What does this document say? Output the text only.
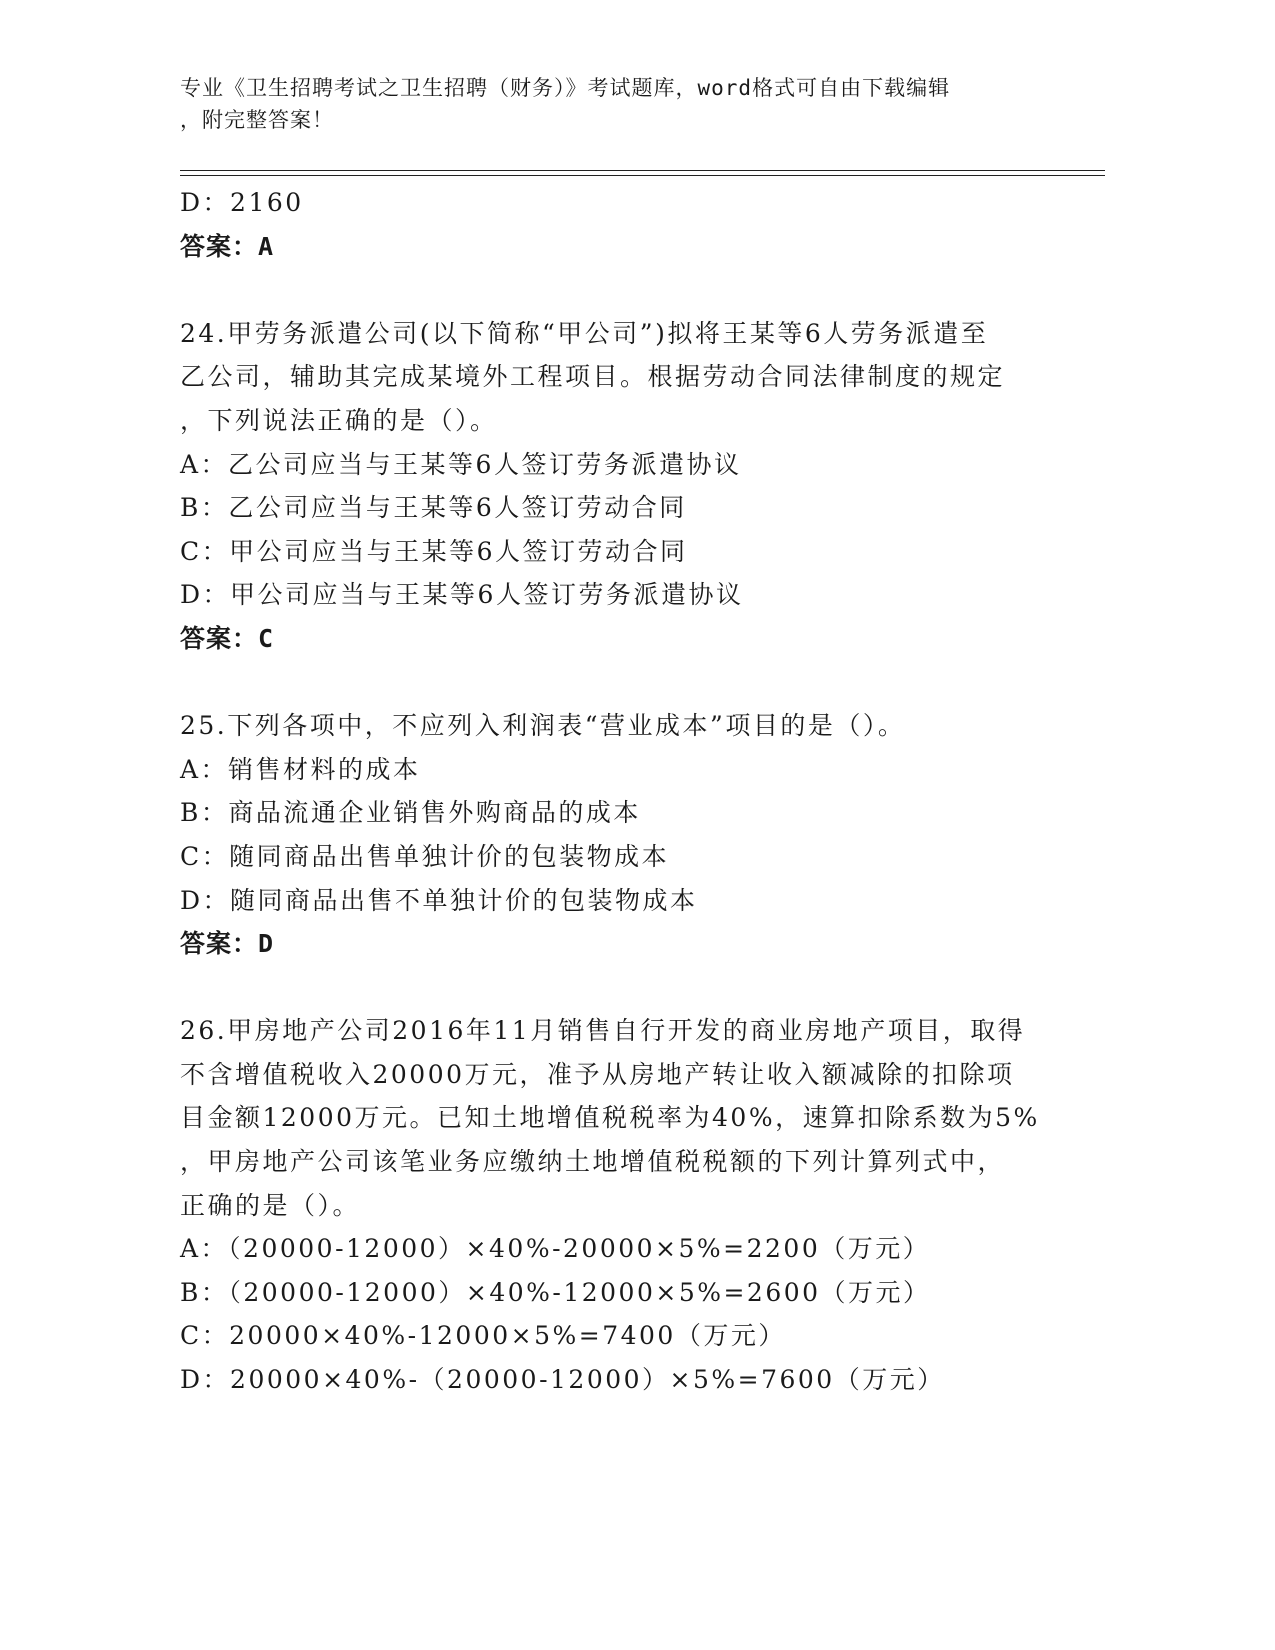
专业《卫生招聘考试之卫生招聘（财务）》考试题库，word格式可自由下载编辑
，附完整答案！
D：2160
答案：A
24.甲劳务派遣公司(以下简称“甲公司”)拟将王某等6人劳务派遣至
乙公司，辅助其完成某境外工程项目。根据劳动合同法律制度的规定
，下列说法正确的是（）。
A：乙公司应当与王某等6人签订劳务派遣协议
B：乙公司应当与王某等6人签订劳动合同
C：甲公司应当与王某等6人签订劳动合同
D：甲公司应当与王某等6人签订劳务派遣协议
答案：C
25.下列各项中，不应列入利润表“营业成本”项目的是（）。
A：销售材料的成本
B：商品流通企业销售外购商品的成本
C：随同商品出售单独计价的包装物成本
D：随同商品出售不单独计价的包装物成本
答案：D
26.甲房地产公司2016年11月销售自行开发的商业房地产项目，取得
不含增值税收入20000万元，准予从房地产转让收入额减除的扣除项
目金额12000万元。已知土地增值税税率为40%，速算扣除系数为5%
，甲房地产公司该笔业务应缴纳土地增值税税额的下列计算列式中，
正确的是（）。
A：（20000-12000）×40%-20000×5%=2200（万元）
B：（20000-12000）×40%-12000×5%=2600（万元）
C：20000×40%-12000×5%=7400（万元）
D：20000×40%-（20000-12000）×5%=7600（万元）
